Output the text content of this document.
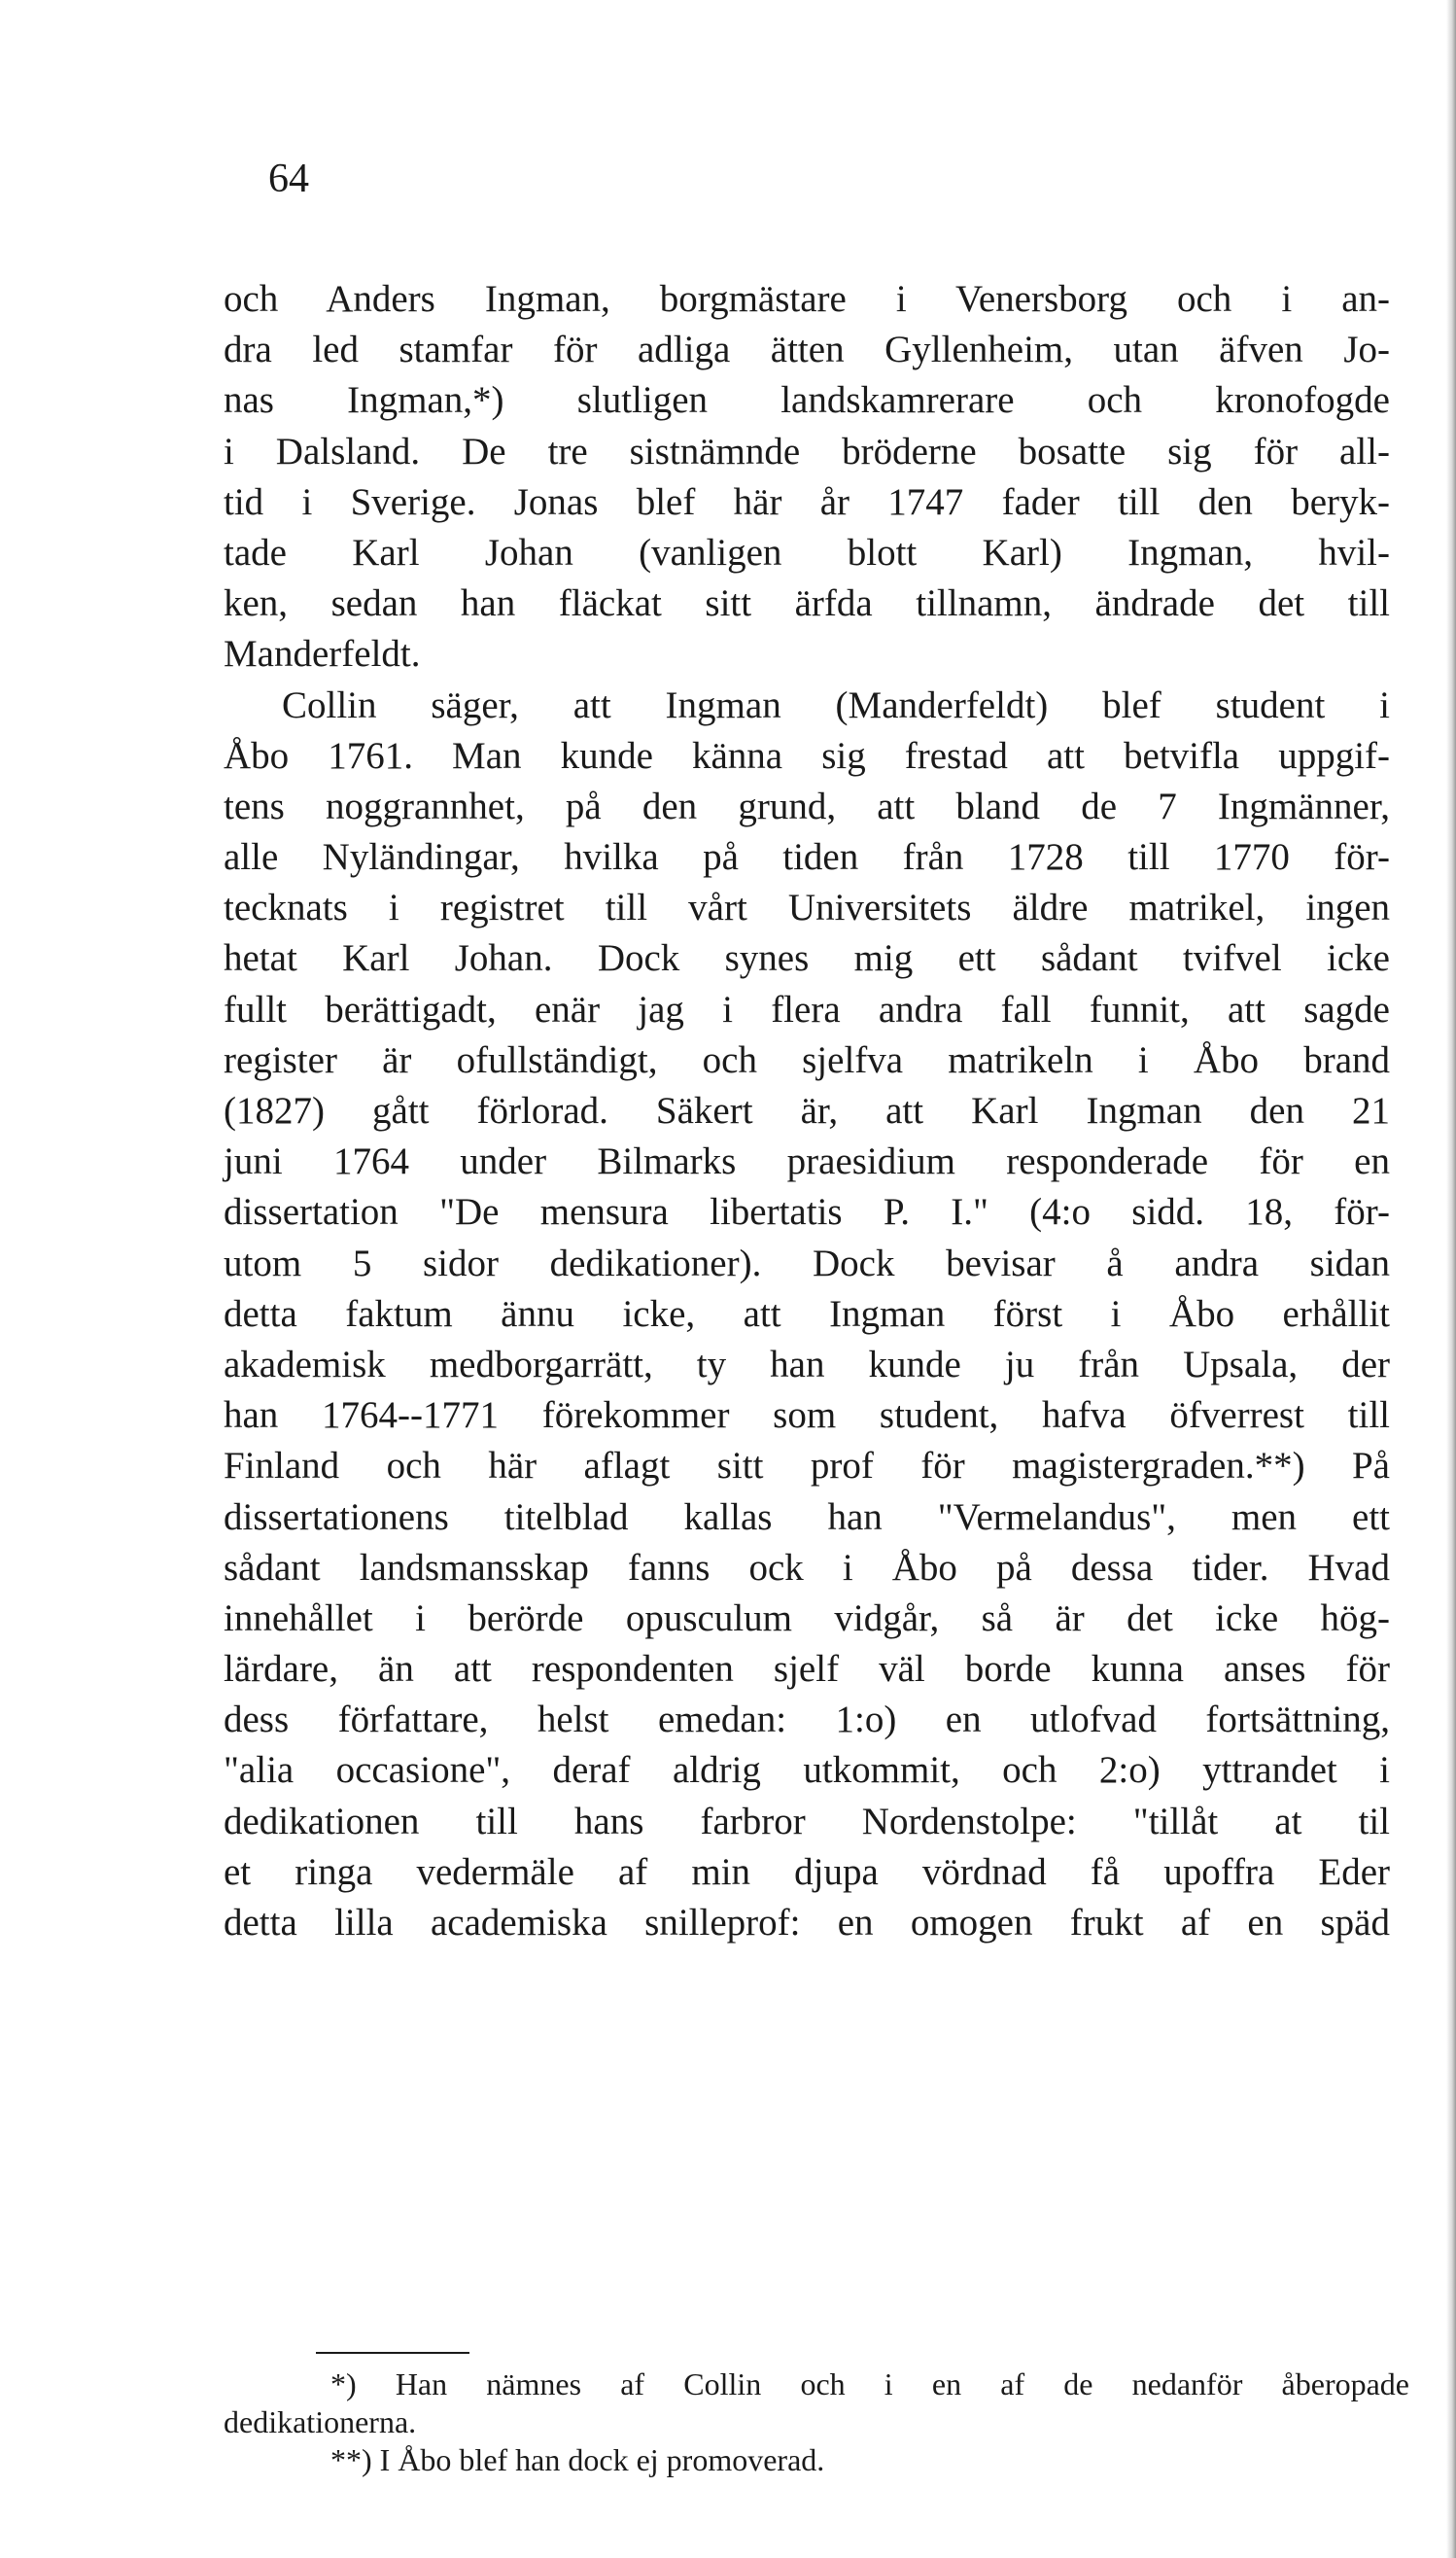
64
och Anders Ingman, borgmästare i Venersborg och i an-
dra led stamfar för adliga ätten Gyllenheim, utan äfven Jo-
nas Ingman,*) slutligen landskamrerare och kronofogde
i Dalsland. De tre sistnämnde bröderne bosatte sig för all-
tid i Sverige. Jonas blef här år 1747 fader till den beryk-
tade Karl Johan (vanligen blott Karl) Ingman, hvil-
ken, sedan han fläckat sitt ärfda tillnamn, ändrade det till
Manderfeldt.
Collin säger, att Ingman (Manderfeldt) blef student i
Åbo 1761. Man kunde känna sig frestad att betvifla uppgif-
tens noggrannhet, på den grund, att bland de 7 Ingmänner,
alle Nyländingar, hvilka på tiden från 1728 till 1770 för-
tecknats i registret till vårt Universitets äldre matrikel, ingen
hetat Karl Johan. Dock synes mig ett sådant tvifvel icke
fullt berättigadt, enär jag i flera andra fall funnit, att sagde
register är ofullständigt, och sjelfva matrikeln i Åbo brand
(1827) gått förlorad. Säkert är, att Karl Ingman den 21
juni 1764 under Bilmarks praesidium responderade för en
dissertation "De mensura libertatis P. I." (4:o sidd. 18, för-
utom 5 sidor dedikationer). Dock bevisar å andra sidan
detta faktum ännu icke, att Ingman först i Åbo erhållit
akademisk medborgarrätt, ty han kunde ju från Upsala, der
han 1764--1771 förekommer som student, hafva öfverrest till
Finland och här aflagt sitt prof för magistergraden.**) På
dissertationens titelblad kallas han "Vermelandus", men ett
sådant landsmansskap fanns ock i Åbo på dessa tider. Hvad
innehållet i berörde opusculum vidgår, så är det icke hög-
lärdare, än att respondenten sjelf väl borde kunna anses för
dess författare, helst emedan: 1:o) en utlofvad fortsättning,
"alia occasione", deraf aldrig utkommit, och 2:o) yttrandet i
dedikationen till hans farbror Nordenstolpe: "tillåt at til
et ringa vedermäle af min djupa vördnad få upoffra Eder
detta lilla academiska snilleprof: en omogen frukt af en späd
*) Han nämnes af Collin och i en af de nedanför åberopade
dedikationerna.
**) I Åbo blef han dock ej promoverad.
